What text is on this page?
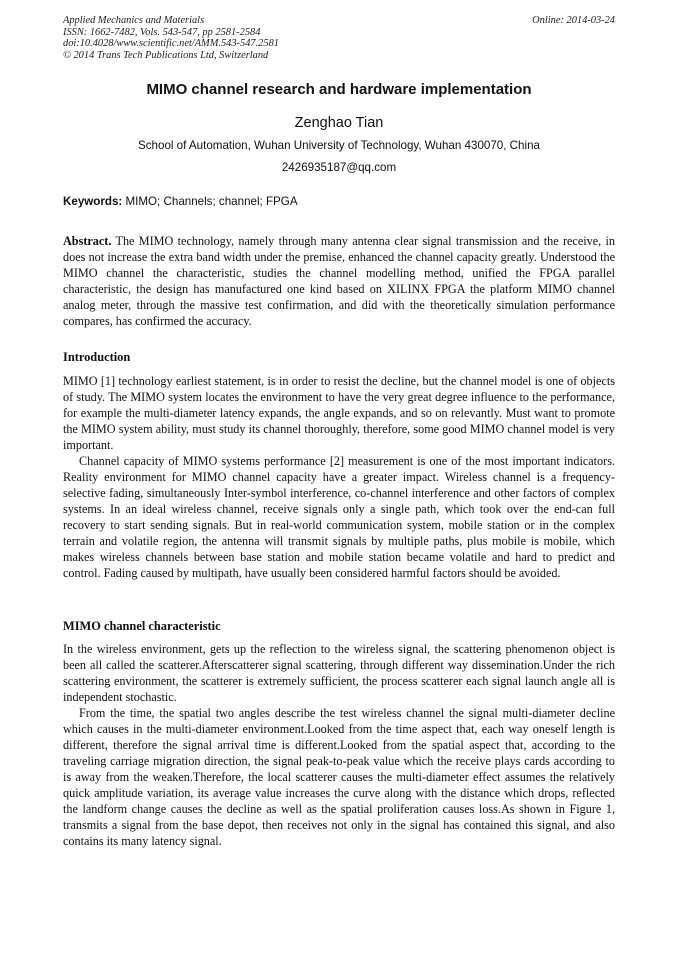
Applied Mechanics and Materials
ISSN: 1662-7482, Vols. 543-547, pp 2581-2584
doi:10.4028/www.scientific.net/AMM.543-547.2581
© 2014 Trans Tech Publications Ltd, Switzerland
Online: 2014-03-24
MIMO channel research and hardware implementation
Zenghao Tian
School of Automation, Wuhan University of Technology, Wuhan 430070, China
2426935187@qq.com
Keywords: MIMO; Channels; channel; FPGA

Abstract. The MIMO technology, namely through many antenna clear signal transmission and the receive, in does not increase the extra band width under the premise, enhanced the channel capacity greatly. Understood the MIMO channel the characteristic, studies the channel modelling method, unified the FPGA parallel characteristic, the design has manufactured one kind based on XILINX FPGA the platform MIMO channel analog meter, through the massive test confirmation, and did with the theoretically simulation performance compares, has confirmed the accuracy.

Introduction

MIMO [1] technology earliest statement, is in order to resist the decline, but the channel model is one of objects of study. The MIMO system locates the environment to have the very great degree influence to the performance, for example the multi-diameter latency expands, the angle expands, and so on relevantly. Must want to promote the MIMO system ability, must study its channel thoroughly, therefore, some good MIMO channel model is very important.

Channel capacity of MIMO systems performance [2] measurement is one of the most important indicators. Reality environment for MIMO channel capacity have a greater impact. Wireless channel is a frequency-selective fading, simultaneously Inter-symbol interference, co-channel interference and other factors of complex systems. In an ideal wireless channel, receive signals only a single path, which took over the end-can full recovery to start sending signals. But in real-world communication system, mobile station or in the complex terrain and volatile region, the antenna will transmit signals by multiple paths, plus mobile is mobile, which makes wireless channels between base station and mobile station became volatile and hard to predict and control. Fading caused by multipath, have usually been considered harmful factors should be avoided.

MIMO channel characteristic

In the wireless environment, gets up the reflection to the wireless signal, the scattering phenomenon object is been all called the scatterer.Afterscatterer signal scattering, through different way dissemination.Under the rich scattering environment, the scatterer is extremely sufficient, the process scatterer each signal launch angle all is independent stochastic.

From the time, the spatial two angles describe the test wireless channel the signal multi-diameter decline which causes in the multi-diameter environment.Looked from the time aspect that, each way oneself length is different, therefore the signal arrival time is different.Looked from the spatial aspect that, according to the traveling carriage migration direction, the signal peak-to-peak value which the receive plays cards according to is away from the weaken.Therefore, the local scatterer causes the multi-diameter effect assumes the relatively quick amplitude variation, its average value increases the curve along with the distance which drops, reflected the landform change causes the decline as well as the spatial proliferation causes loss.As shown in Figure 1, transmits a signal from the base depot, then receives not only in the signal has contained this signal, and also contains its many latency signal.
